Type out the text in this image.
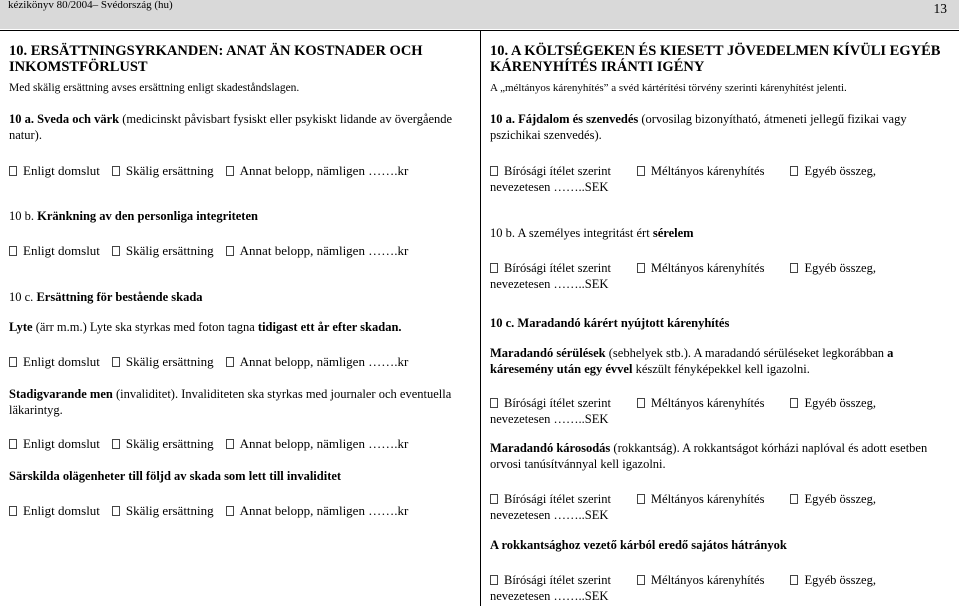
kézikönyv 80/2004– Svédország (hu)	13

10. ERSÄTTNINGSYRKANDEN: ANAT ÄN KOSTNADER OCH INKOMSTFÖRLUST

Med skälig ersättning avses ersättning enligt skadeståndslagen.

10 a. Sveda och värk (medicinskt påvisbart fysiskt eller psykiskt lidande av övergående natur).

Enligt domslut Skälig ersättning Annat belopp, nämligen …….kr

10 b. Kränkning av den personliga integriteten

Enligt domslut Skälig ersättning Annat belopp, nämligen …….kr

10 c. Ersättning för bestående skada

Lyte (ärr m.m.) Lyte ska styrkas med foton tagna tidigast ett år efter skadan.

Enligt domslut Skälig ersättning Annat belopp, nämligen …….kr

Stadigvarande men (invaliditet). Invaliditeten ska styrkas med journaler och eventuella läkarintyg.

Enligt domslut Skälig ersättning Annat belopp, nämligen …….kr

Särskilda olägenheter till följd av skada som lett till invaliditet

Enligt domslut Skälig ersättning Annat belopp, nämligen …….kr

10. A KÖLTSÉGEKEN ÉS KIESETT JÖVEDELMEN KÍVÜLI EGYÉB KÁRENYHÍTÉS IRÁNTI IGÉNY

A „méltányos kárenyhítés” a svéd kártérítési törvény szerinti kárenyhítést jelenti.

10 a. Fájdalom és szenvedés (orvosilag bizonyítható, átmeneti jellegű fizikai vagy pszichikai szenvedés).

Bírósági ítélet szerint	Méltányos kárenyhítés	Egyéb összeg,
nevezetesen ……..SEK

10 b. A személyes integritást ért sérelem

Bírósági ítélet szerint	Méltányos kárenyhítés	Egyéb összeg,
nevezetesen ……..SEK

10 c. Maradandó kárért nyújtott kárenyhítés

Maradandó sérülések (sebhelyek stb.). A maradandó sérüléseket legkorábban a káresemény után egy évvel készült fényképekkel kell igazolni.

Bírósági ítélet szerint	Méltányos kárenyhítés	Egyéb összeg,
nevezetesen ……..SEK

Maradandó károsodás (rokkantság). A rokkantságot kórházi naplóval és adott esetben orvosi tanúsítvánnyal kell igazolni.

Bírósági ítélet szerint	Méltányos kárenyhítés	Egyéb összeg,
nevezetesen ……..SEK

A rokkantsághoz vezető kárból eredő sajátos hátrányok

Bírósági ítélet szerint	Méltányos kárenyhítés	Egyéb összeg,
nevezetesen ……..SEK
